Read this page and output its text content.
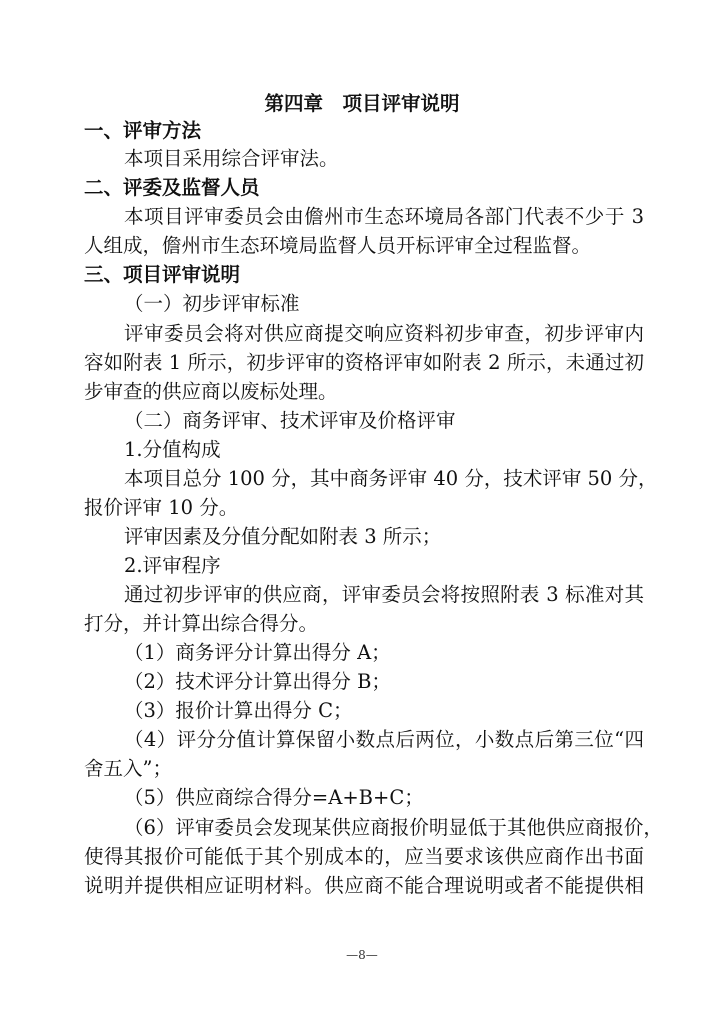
第四章　项目评审说明
一、评审方法
本项目采用综合评审法。
二、评委及监督人员
本项目评审委员会由儋州市生态环境局各部门代表不少于 3
人组成，儋州市生态环境局监督人员开标评审全过程监督。
三、项目评审说明
（一）初步评审标准
评审委员会将对供应商提交响应资料初步审查，初步评审内
容如附表 1 所示，初步评审的资格评审如附表 2 所示，未通过初
步审查的供应商以废标处理。
（二）商务评审、技术评审及价格评审
1.分值构成
本项目总分 100 分，其中商务评审 40 分，技术评审 50 分，
报价评审 10 分。
评审因素及分值分配如附表 3 所示；
2.评审程序
通过初步评审的供应商，评审委员会将按照附表 3 标准对其
打分，并计算出综合得分。
（1）商务评分计算出得分 A；
（2）技术评分计算出得分 B；
（3）报价计算出得分 C；
（4）评分分值计算保留小数点后两位，小数点后第三位“四
舍五入”；
（5）供应商综合得分=A+B+C；
（6）评审委员会发现某供应商报价明显低于其他供应商报价，
使得其报价可能低于其个别成本的，应当要求该供应商作出书面
说明并提供相应证明材料。供应商不能合理说明或者不能提供相
—8—
